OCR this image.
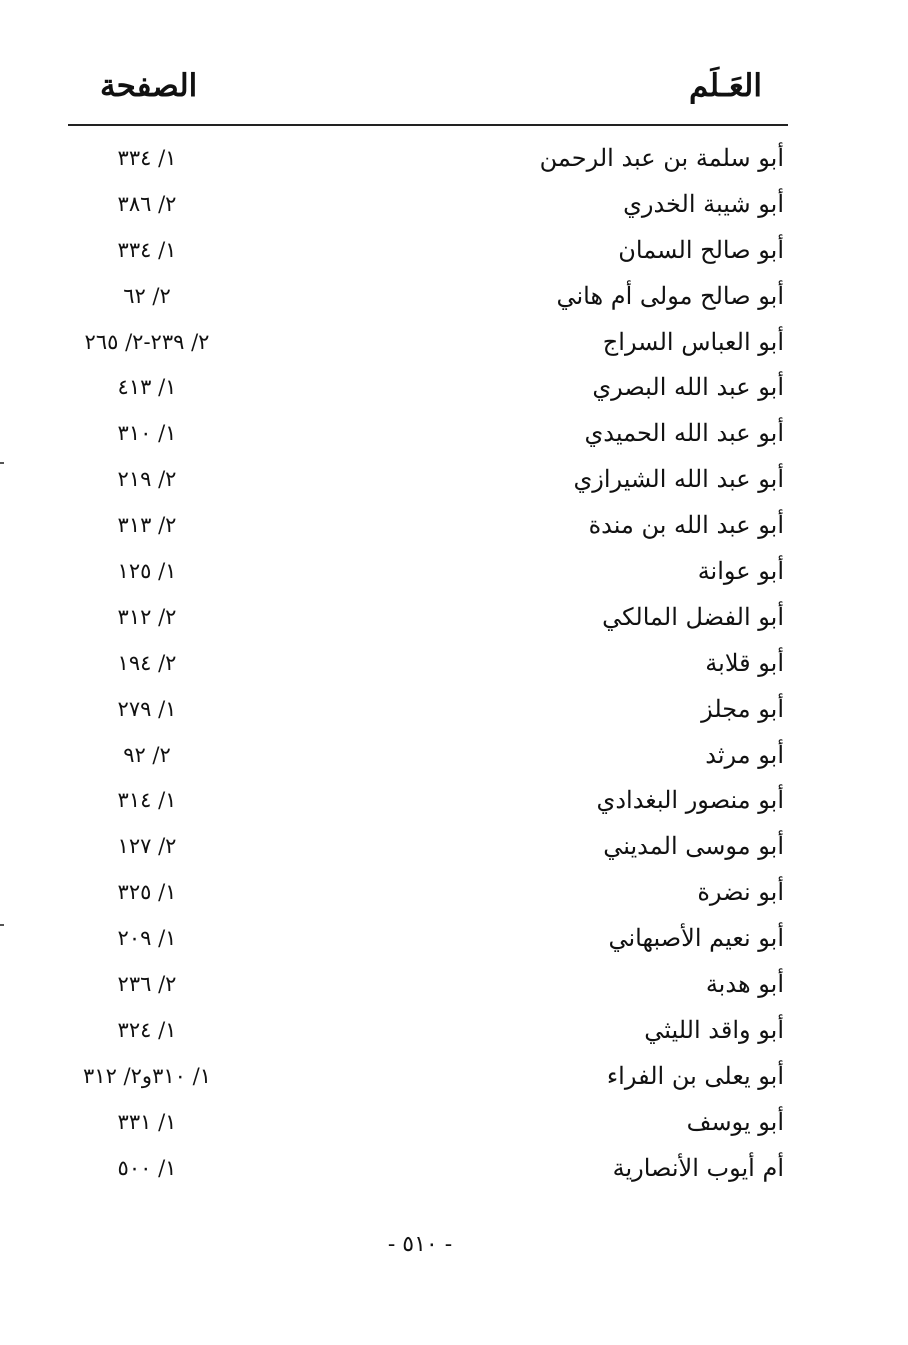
العَـلَم
الصفحة
أبو سلمة بن عبد الرحمن
١/ ٣٣٤
أبو شيبة الخدري
٢/ ٣٨٦
أبو صالح السمان
١/ ٣٣٤
أبو صالح مولى أم هاني
٢/ ٦٢
أبو العباس السراج
٢/ ٢٣٩-٢/ ٢٦٥
أبو عبد الله البصري
١/ ٤١٣
أبو عبد الله الحميدي
١/ ٣١٠
أبو عبد الله الشيرازي
٢/ ٢١٩
أبو عبد الله بن مندة
٢/ ٣١٣
أبو عوانة
١/ ١٢٥
أبو الفضل المالكي
٢/ ٣١٢
أبو قلابة
٢/ ١٩٤
أبو مجلز
١/ ٢٧٩
أبو مرثد
٢/ ٩٢
أبو منصور البغدادي
١/ ٣١٤
أبو موسى المديني
٢/ ١٢٧
أبو نضرة
١/ ٣٢٥
أبو نعيم الأصبهاني
١/ ٢٠٩
أبو هدبة
٢/ ٢٣٦
أبو واقد الليثي
١/ ٣٢٤
أبو يعلى بن الفراء
١/ ٣١٠و٢/ ٣١٢
أبو يوسف
١/ ٣٣١
أم أيوب الأنصارية
١/ ٥٠٠
- ٥١٠ -
